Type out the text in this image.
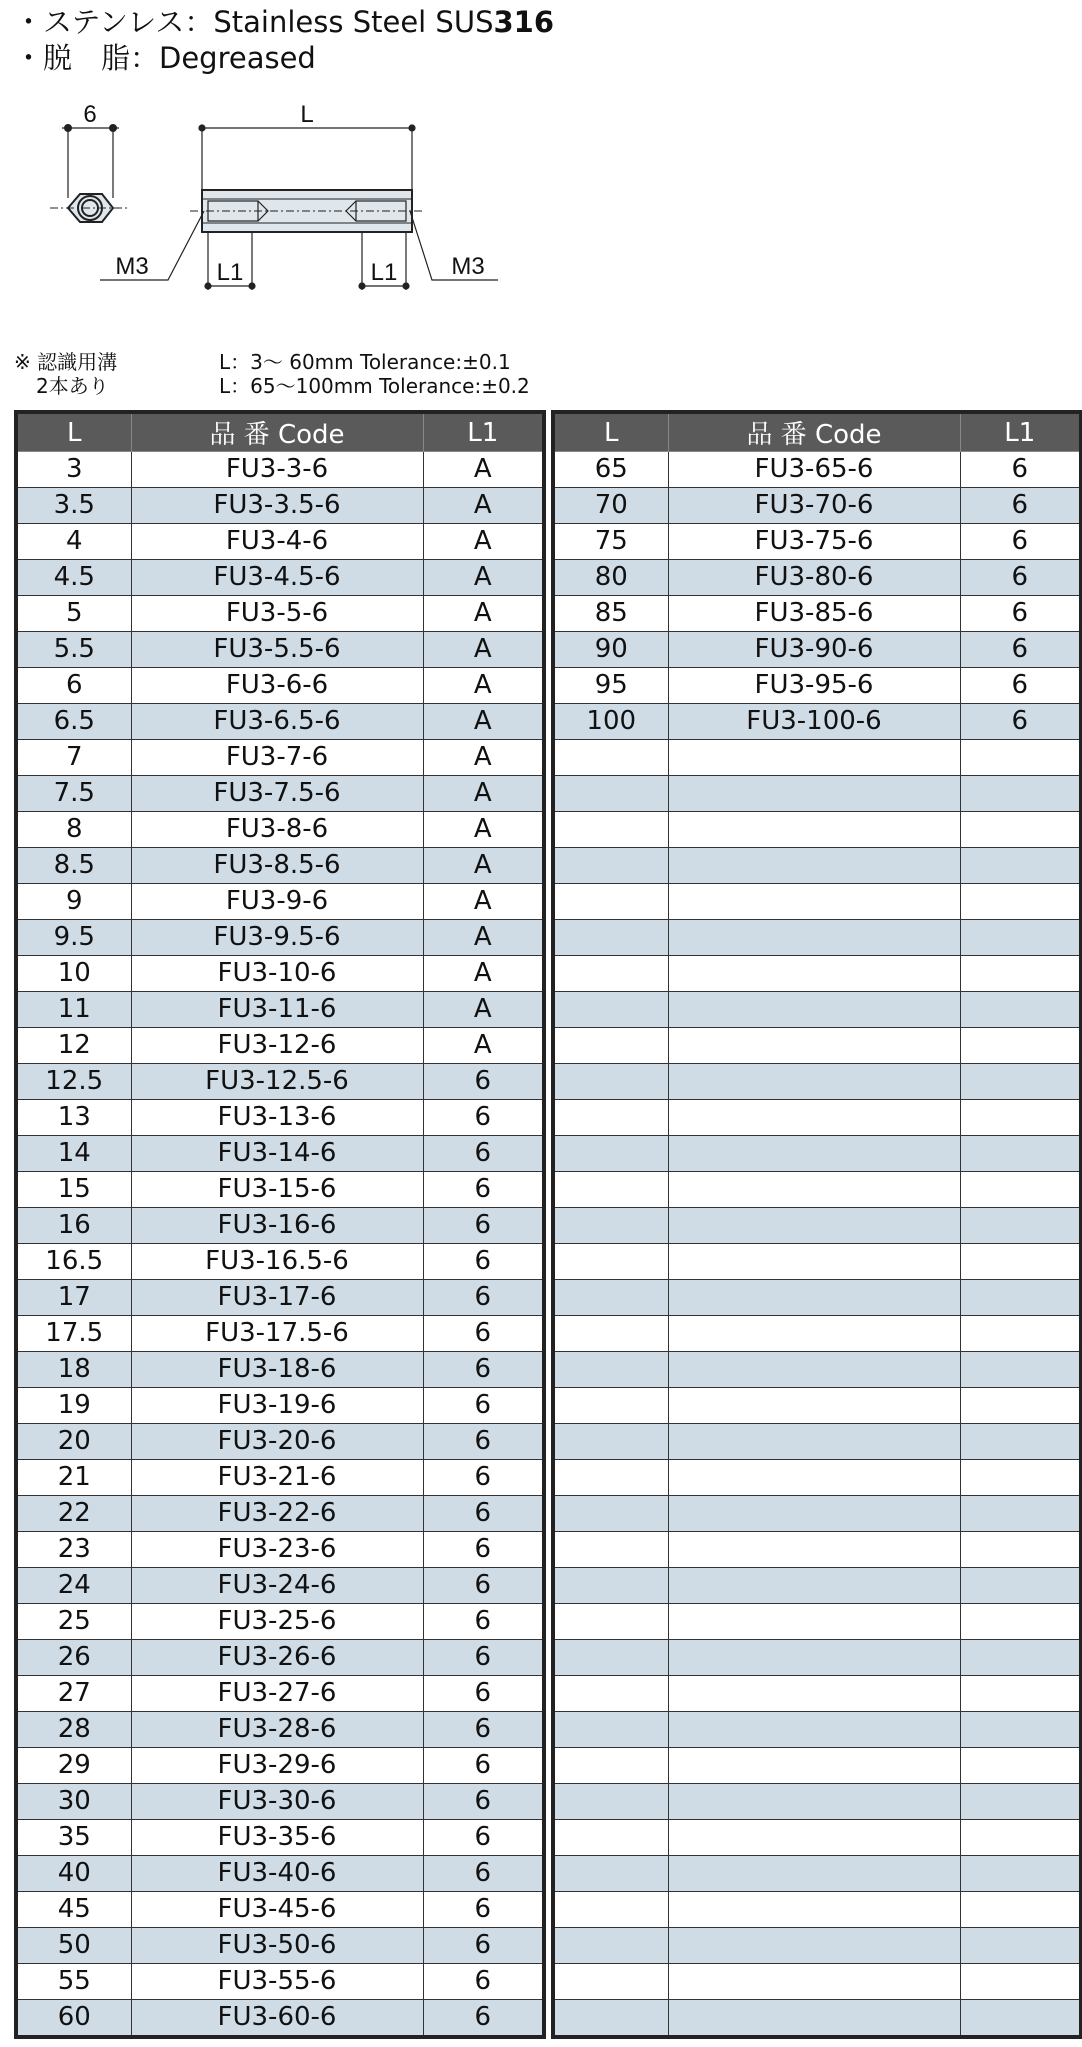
・ステンレス：Stainless Steel SUS316
・脱　脂：Degreased
6	L
M3	M3
L1	L1
※ 認識用溝
2本あり
L：3～ 60mm Tolerance:±0.1
L：65～100mm Tolerance:±0.2
L	品 番 Code	L1
3	FU3-3-6	A
3.5	FU3-3.5-6	A
4	FU3-4-6	A
4.5	FU3-4.5-6	A
5	FU3-5-6	A
5.5	FU3-5.5-6	A
6	FU3-6-6	A
6.5	FU3-6.5-6	A
7	FU3-7-6	A
7.5	FU3-7.5-6	A
8	FU3-8-6	A
8.5	FU3-8.5-6	A
9	FU3-9-6	A
9.5	FU3-9.5-6	A
10	FU3-10-6	A
11	FU3-11-6	A
12	FU3-12-6	A
12.5	FU3-12.5-6	6
13	FU3-13-6	6
14	FU3-14-6	6
15	FU3-15-6	6
16	FU3-16-6	6
16.5	FU3-16.5-6	6
17	FU3-17-6	6
17.5	FU3-17.5-6	6
18	FU3-18-6	6
19	FU3-19-6	6
20	FU3-20-6	6
21	FU3-21-6	6
22	FU3-22-6	6
23	FU3-23-6	6
24	FU3-24-6	6
25	FU3-25-6	6
26	FU3-26-6	6
27	FU3-27-6	6
28	FU3-28-6	6
29	FU3-29-6	6
30	FU3-30-6	6
35	FU3-35-6	6
40	FU3-40-6	6
45	FU3-45-6	6
50	FU3-50-6	6
55	FU3-55-6	6
60	FU3-60-6	6
L	品 番 Code	L1
65	FU3-65-6	6
70	FU3-70-6	6
75	FU3-75-6	6
80	FU3-80-6	6
85	FU3-85-6	6
90	FU3-90-6	6
95	FU3-95-6	6
100	FU3-100-6	6
